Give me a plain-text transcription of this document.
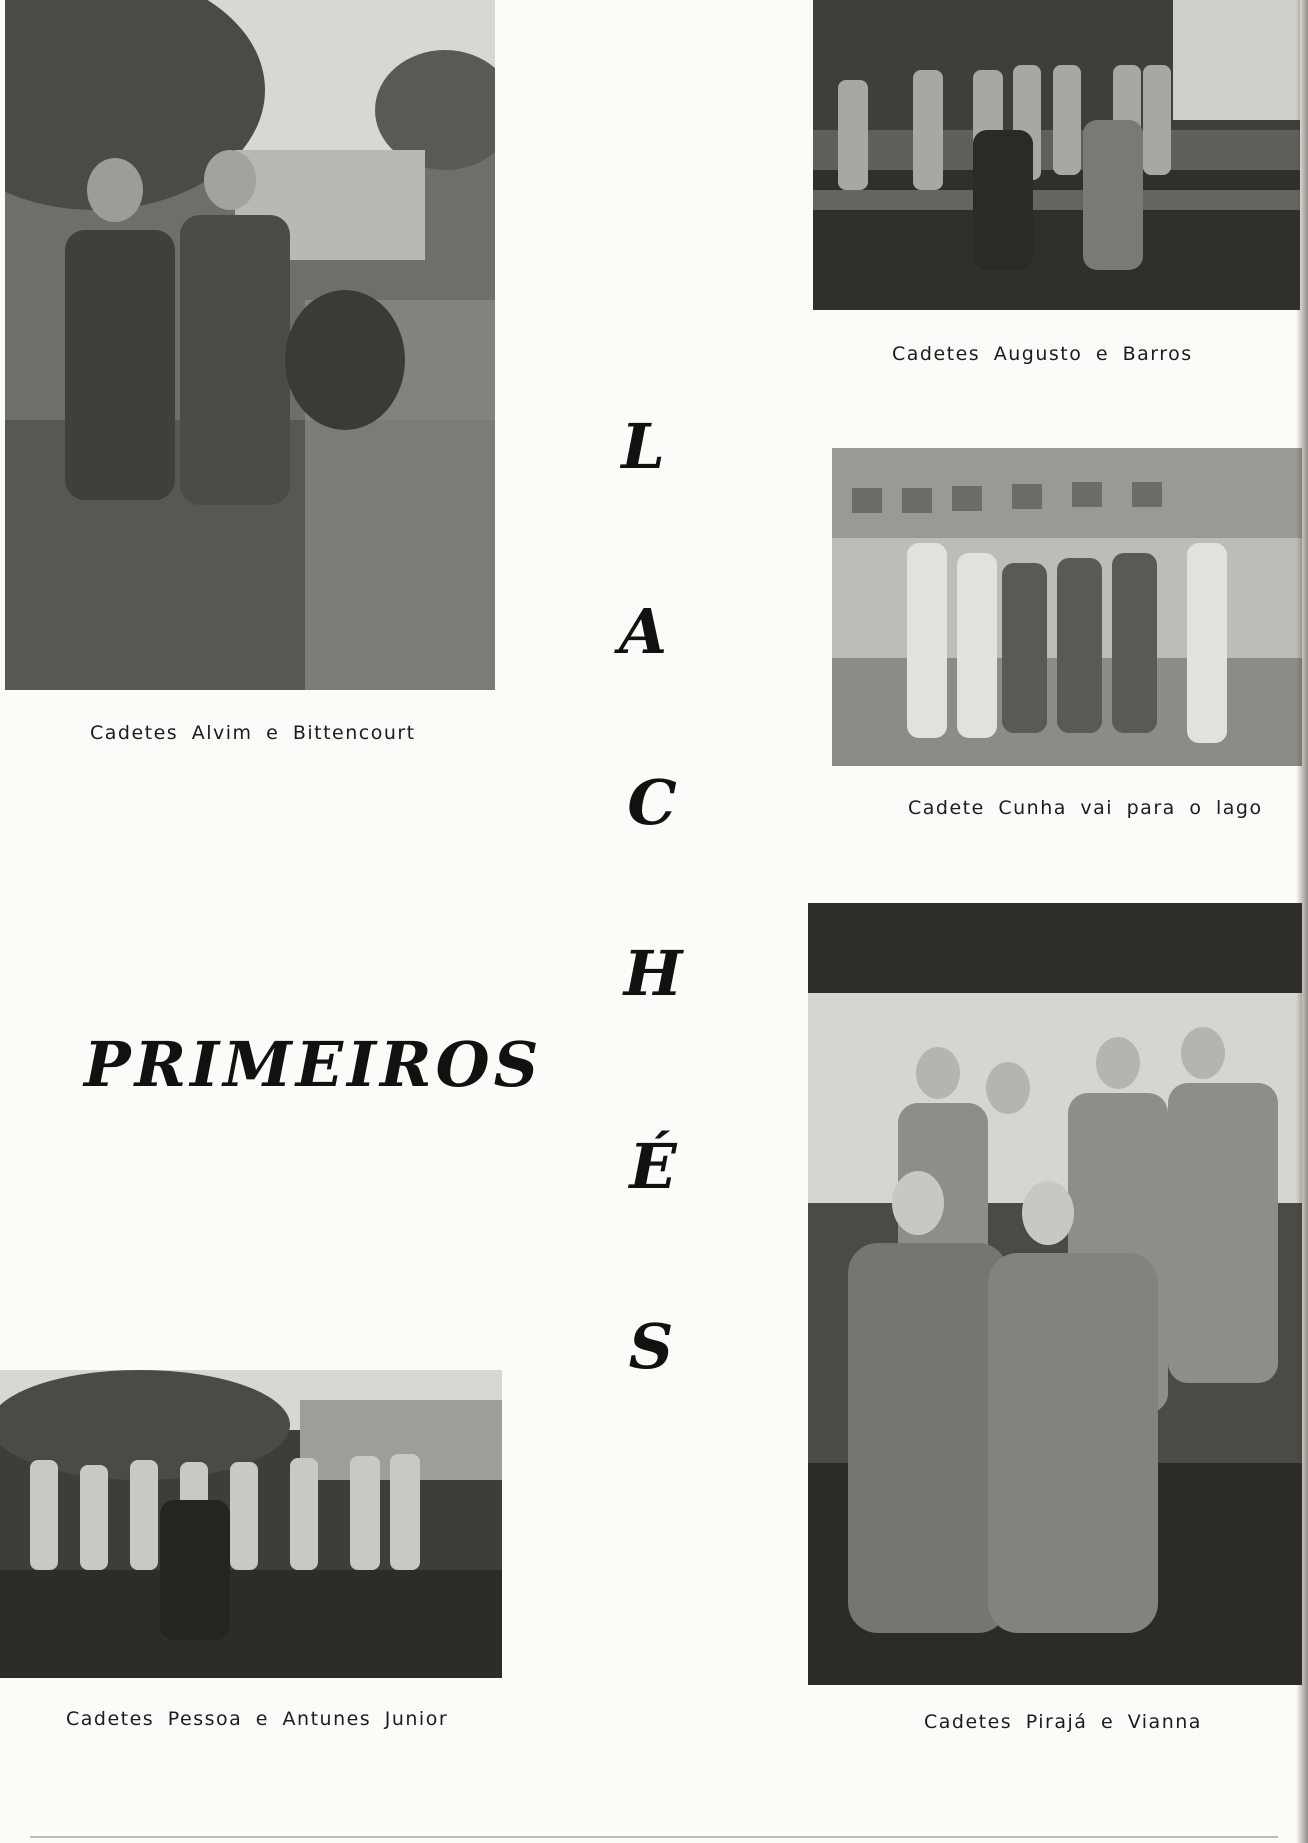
Cadetes Alvim e Bittencourt
Cadetes Augusto e Barros
Cadete Cunha vai para o lago
Cadetes Pirajá e Vianna
Cadetes Pessoa e Antunes Junior
L
A
C
H
É
S
PRIMEIROS
